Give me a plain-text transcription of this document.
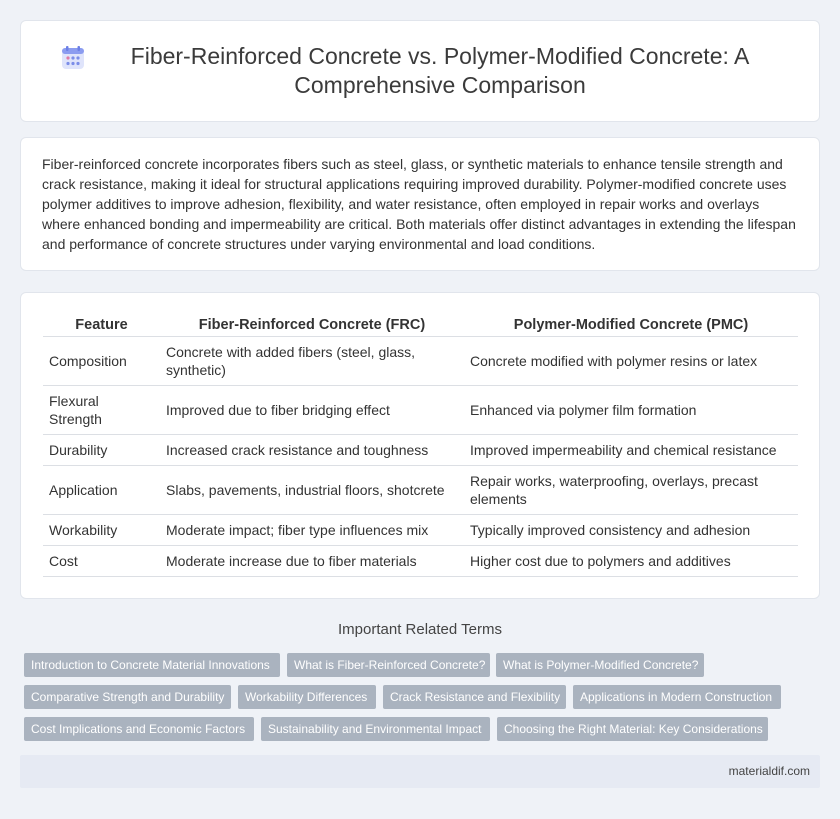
Fiber-Reinforced Concrete vs. Polymer-Modified Concrete: A Comprehensive Comparison

Fiber-reinforced concrete incorporates fibers such as steel, glass, or synthetic materials to enhance tensile strength and crack resistance, making it ideal for structural applications requiring improved durability. Polymer-modified concrete uses polymer additives to improve adhesion, flexibility, and water resistance, often employed in repair works and overlays where enhanced bonding and impermeability are critical. Both materials offer distinct advantages in extending the lifespan and performance of concrete structures under varying environmental and load conditions.

Feature	Fiber-Reinforced Concrete (FRC)	Polymer-Modified Concrete (PMC)
Composition	Concrete with added fibers (steel, glass, synthetic)	Concrete modified with polymer resins or latex
Flexural Strength	Improved due to fiber bridging effect	Enhanced via polymer film formation
Durability	Increased crack resistance and toughness	Improved impermeability and chemical resistance
Application	Slabs, pavements, industrial floors, shotcrete	Repair works, waterproofing, overlays, precast elements
Workability	Moderate impact; fiber type influences mix	Typically improved consistency and adhesion
Cost	Moderate increase due to fiber materials	Higher cost due to polymers and additives
Important Related Terms
Introduction to Concrete Material Innovations	What is Fiber-Reinforced Concrete?	What is Polymer-Modified Concrete?
Comparative Strength and Durability	Workability Differences	Crack Resistance and Flexibility	Applications in Modern Construction
Cost Implications and Economic Factors	Sustainability and Environmental Impact	Choosing the Right Material: Key Considerations
materialdif.com
